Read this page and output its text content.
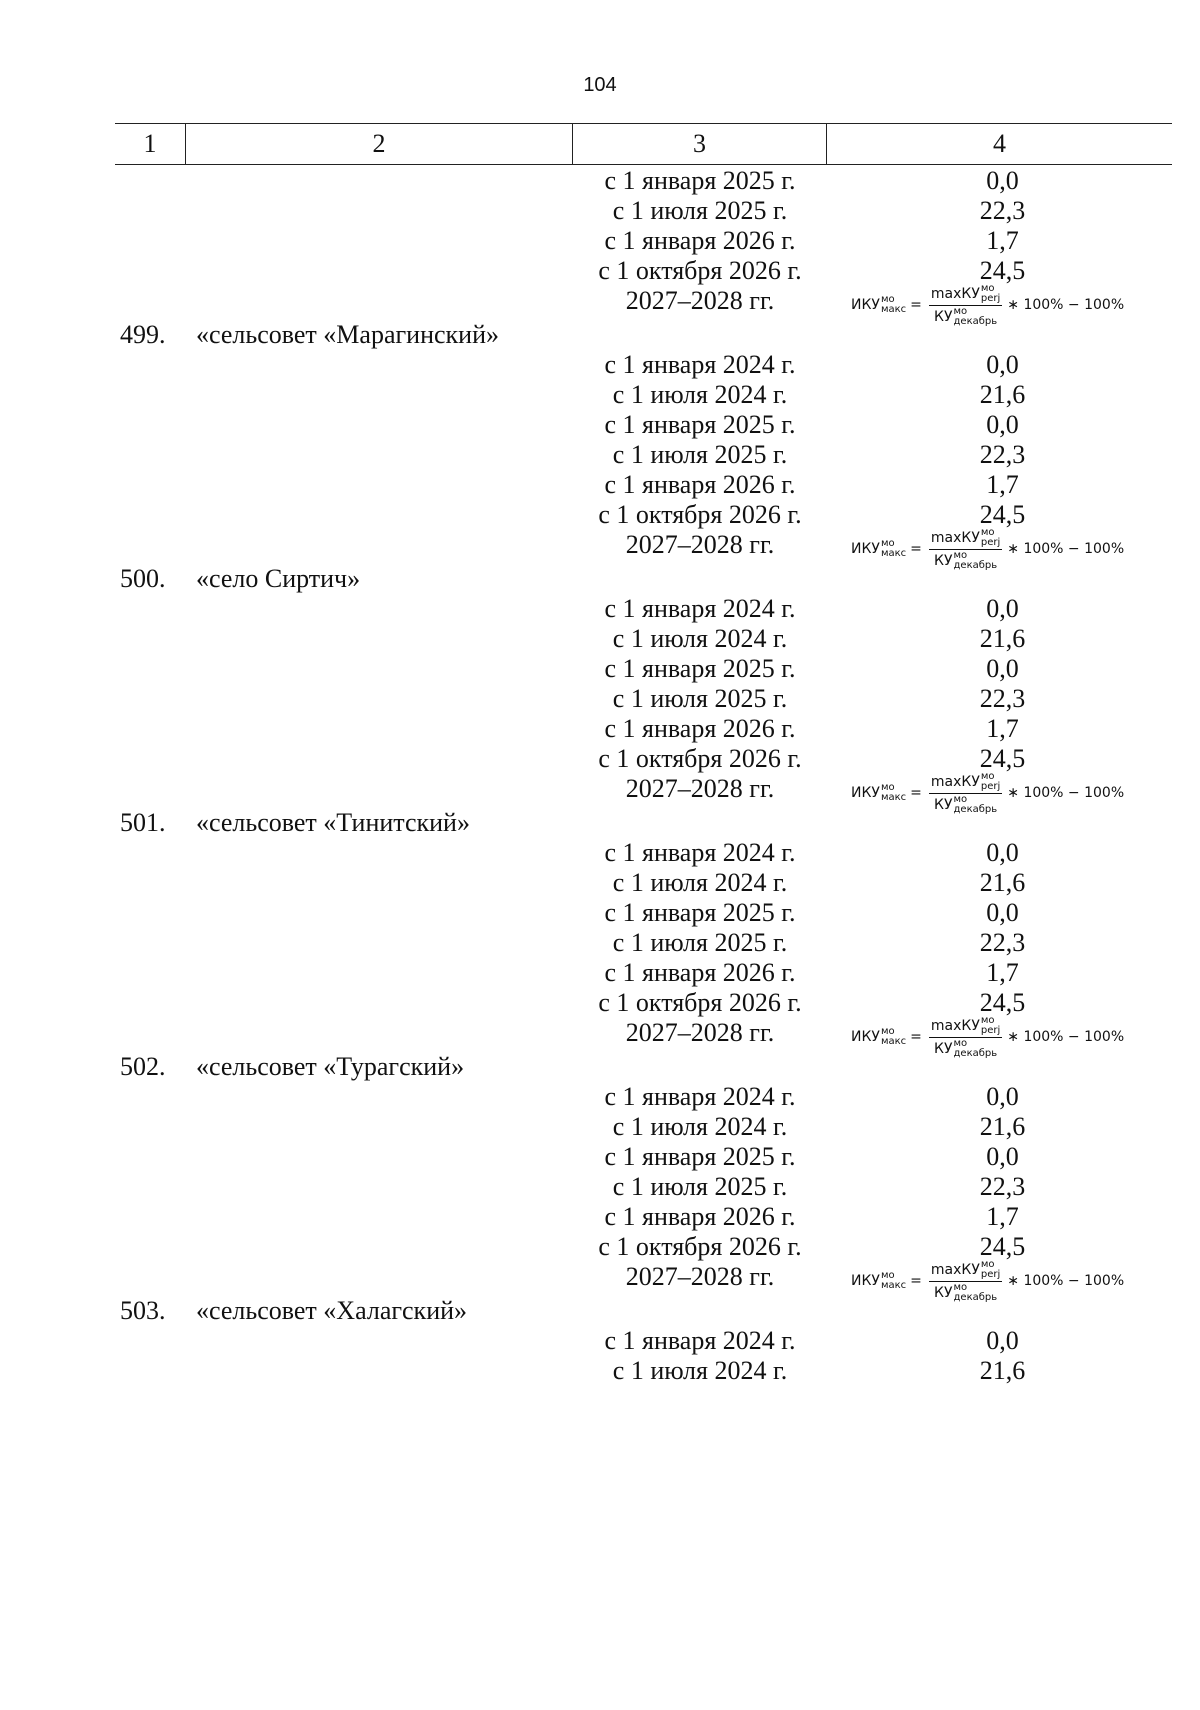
104
1	2	3	4
с 1 января 2025 г.	0,0
с 1 июля 2025 г.	22,3
с 1 января 2026 г.	1,7
с 1 октября 2026 г.	24,5
2027–2028 гг.	ИКУ мо
макс = maxКУ мо
perj
КУ мо
декабрь ∗ 100% − 100%
499.	«сельсовет «Марагинский»
с 1 января 2024 г.	0,0
с 1 июля 2024 г.	21,6
с 1 января 2025 г.	0,0
с 1 июля 2025 г.	22,3
с 1 января 2026 г.	1,7
с 1 октября 2026 г.	24,5
2027–2028 гг.	ИКУ мо
макс = maxКУ мо
perj
КУ мо
декабрь ∗ 100% − 100%
500.	«село Сиртич»
с 1 января 2024 г.	0,0
с 1 июля 2024 г.	21,6
с 1 января 2025 г.	0,0
с 1 июля 2025 г.	22,3
с 1 января 2026 г.	1,7
с 1 октября 2026 г.	24,5
2027–2028 гг.	ИКУ мо
макс = maxКУ мо
perj
КУ мо
декабрь ∗ 100% − 100%
501.	«сельсовет «Тинитский»
с 1 января 2024 г.	0,0
с 1 июля 2024 г.	21,6
с 1 января 2025 г.	0,0
с 1 июля 2025 г.	22,3
с 1 января 2026 г.	1,7
с 1 октября 2026 г.	24,5
2027–2028 гг.	ИКУ мо
макс = maxКУ мо
perj
КУ мо
декабрь ∗ 100% − 100%
502.	«сельсовет «Турагский»
с 1 января 2024 г.	0,0
с 1 июля 2024 г.	21,6
с 1 января 2025 г.	0,0
с 1 июля 2025 г.	22,3
с 1 января 2026 г.	1,7
с 1 октября 2026 г.	24,5
2027–2028 гг.	ИКУ мо
макс = maxКУ мо
perj
КУ мо
декабрь ∗ 100% − 100%
503.	«сельсовет «Халагский»
с 1 января 2024 г.	0,0
с 1 июля 2024 г.	21,6
